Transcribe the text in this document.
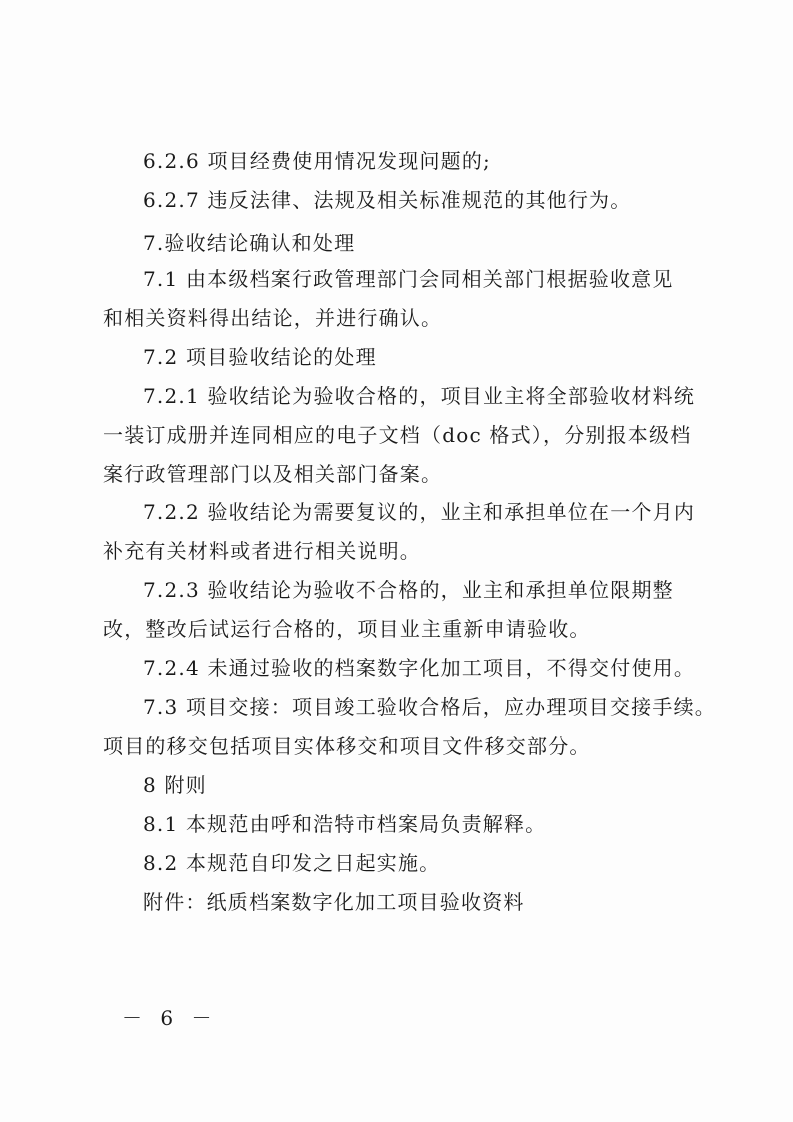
6.2.6 项目经费使用情况发现问题的;
6.2.7 违反法律、法规及相关标准规范的其他行为。
7.验收结论确认和处理
7.1 由本级档案行政管理部门会同相关部门根据验收意见
和相关资料得出结论，并进行确认。
7.2 项目验收结论的处理
7.2.1 验收结论为验收合格的，项目业主将全部验收材料统
一装订成册并连同相应的电子文档（doc 格式），分别报本级档
案行政管理部门以及相关部门备案。
7.2.2 验收结论为需要复议的，业主和承担单位在一个月内
补充有关材料或者进行相关说明。
7.2.3 验收结论为验收不合格的，业主和承担单位限期整
改，整改后试运行合格的，项目业主重新申请验收。
7.2.4 未通过验收的档案数字化加工项目，不得交付使用。
7.3 项目交接：项目竣工验收合格后，应办理项目交接手续。
项目的移交包括项目实体移交和项目文件移交部分。
8 附则
8.1 本规范由呼和浩特市档案局负责解释。
8.2 本规范自印发之日起实施。
附件：纸质档案数字化加工项目验收资料
－ 6 －
